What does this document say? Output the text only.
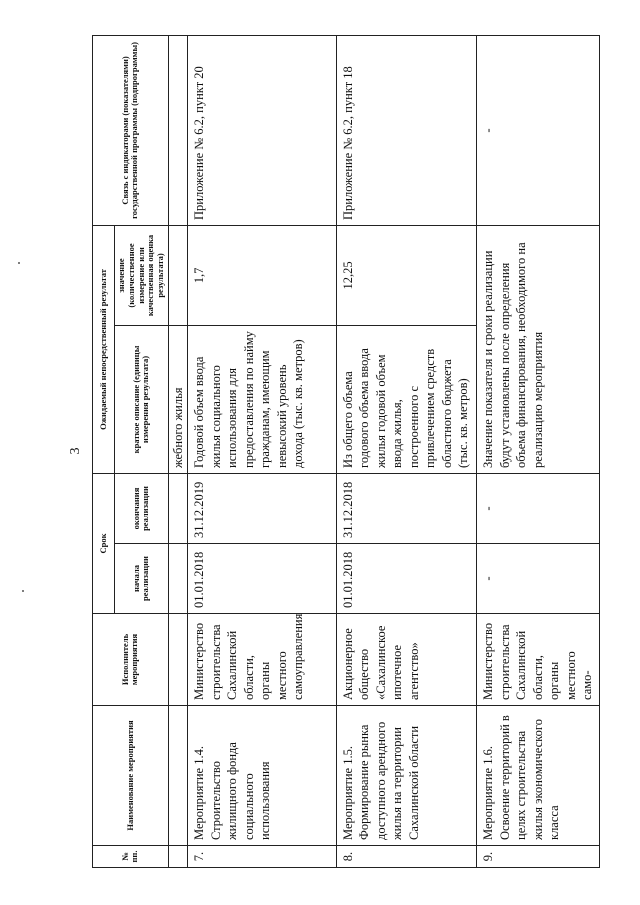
3
№ пп.	Наименование мероприятия	Исполнитель мероприятия	Срок		Ожидаемый непосредственный результат		Связь с индикаторами (показателями) государственной программы (подпрограммы)
			начала реализации	окончания реализации	краткое описание (единицы измерения результата)	значение (количественное измерение или качественная оценка результата)	
					жебного жилья		
7.	Мероприятие 1.4. Строительство жилищного фонда социального использования	Министерство строительства Сахалинской области, органы местного самоуправления	01.01.2018	31.12.2019	Годовой объем ввода жилья социального использования для предоставления по найму гражданам, имеющим невысокий уровень дохода (тыс. кв. метров)	1,7	Приложение № 6.2, пункт 20
8.	Мероприятие 1.5. Формирование рынка доступного арендного жилья на территории Сахалинской области	Акционерное общество «Сахалинское ипотечное агентство»	01.01.2018	31.12.2018	Из общего объема годового объема ввода жилья годовой объем ввода жилья, построенного с привлечением средств областного бюджета (тыс. кв. метров)	12,25	Приложение № 6.2, пункт 18
9.	Мероприятие 1.6. Освоение территорий в целях строительства жилья экономического класса	Министерство строительства Сахалинской области, органы местного само-	-	-	Значение показателя и сроки реализации будут установлены после определения объема финансирования, необходимого на реализацию мероприятия		-
